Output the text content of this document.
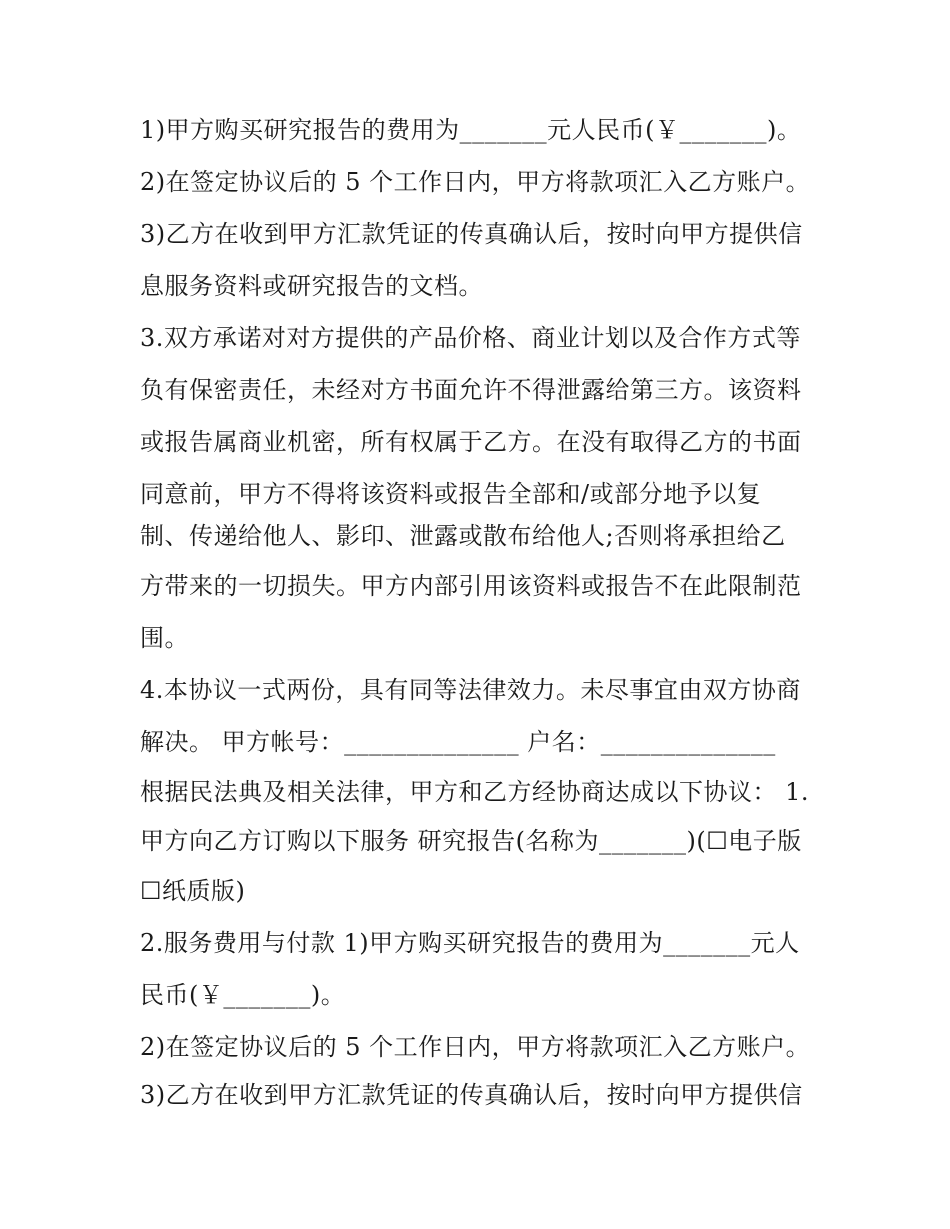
1)甲方购买研究报告的费用为_______元人民币(￥_______)。
2)在签定协议后的 5 个工作日内，甲方将款项汇入乙方账户。
3)乙方在收到甲方汇款凭证的传真确认后，按时向甲方提供信
息服务资料或研究报告的文档。
3.双方承诺对对方提供的产品价格、商业计划以及合作方式等
负有保密责任，未经对方书面允许不得泄露给第三方。该资料
或报告属商业机密，所有权属于乙方。在没有取得乙方的书面
同意前，甲方不得将该资料或报告全部和/或部分地予以复
制、传递给他人、影印、泄露或散布给他人;否则将承担给乙
方带来的一切损失。甲方内部引用该资料或报告不在此限制范
围。
4.本协议一式两份，具有同等法律效力。未尽事宜由双方协商
解决。 甲方帐号：______________ 户名：______________
根据民法典及相关法律，甲方和乙方经协商达成以下协议： 1.
甲方向乙方订购以下服务 研究报告(名称为_______)(☐电子版
☐纸质版)
2.服务费用与付款 1)甲方购买研究报告的费用为_______元人
民币(￥_______)。
2)在签定协议后的 5 个工作日内，甲方将款项汇入乙方账户。
3)乙方在收到甲方汇款凭证的传真确认后，按时向甲方提供信
